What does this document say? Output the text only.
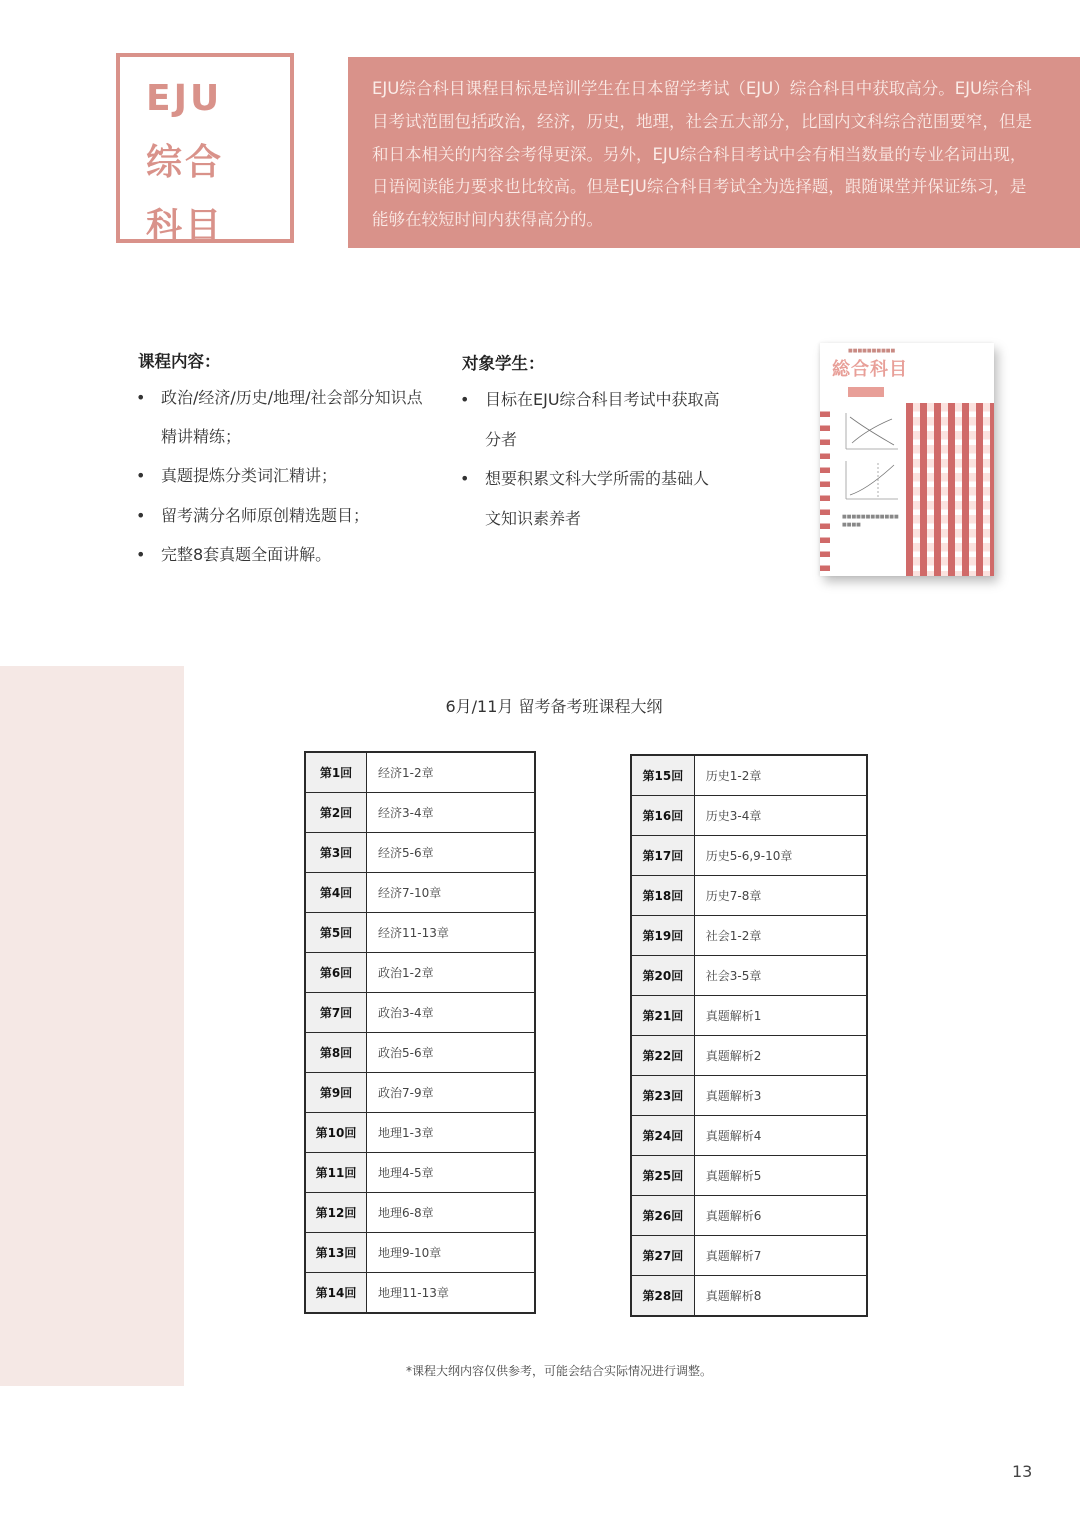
EJU
综合
科目

EJU综合科目课程目标是培训学生在日本留学考试（EJU）综合科目中获取高分。EJU综合科目考试范围包括政治，经济，历史，地理，社会五大部分，比国内文科综合范围要窄，但是和日本相关的内容会考得更深。另外，EJU综合科目考试中会有相当数量的专业名词出现，日语阅读能力要求也比较高。但是EJU综合科目考试全为选择题，跟随课堂并保证练习，是能够在较短时间内获得高分的。

课程内容：
• 政治/经济/历史/地理/社会部分知识点精讲精练；
• 真题提炼分类词汇精讲；
• 留考满分名师原创精选题目；
• 完整8套真题全面讲解。
对象学生：
• 目标在EJU综合科目考试中获取高分者
• 想要积累文科大学所需的基础人文知识素养者
■■■■■■■■■■
総合科目
■■■■■■■■■■■■
■■■■

6月/11月 留考备考班课程大纲

第1回	经济1-2章
第2回	经济3-4章
第3回	经济5-6章
第4回	经济7-10章
第5回	经济11-13章
第6回	政治1-2章
第7回	政治3-4章
第8回	政治5-6章
第9回	政治7-9章
第10回	地理1-3章
第11回	地理4-5章
第12回	地理6-8章
第13回	地理9-10章
第14回	地理11-13章
第15回	历史1-2章
第16回	历史3-4章
第17回	历史5-6,9-10章
第18回	历史7-8章
第19回	社会1-2章
第20回	社会3-5章
第21回	真题解析1
第22回	真题解析2
第23回	真题解析3
第24回	真题解析4
第25回	真题解析5
第26回	真题解析6
第27回	真题解析7
第28回	真题解析8

*课程大纲内容仅供参考，可能会结合实际情况进行调整。

13
